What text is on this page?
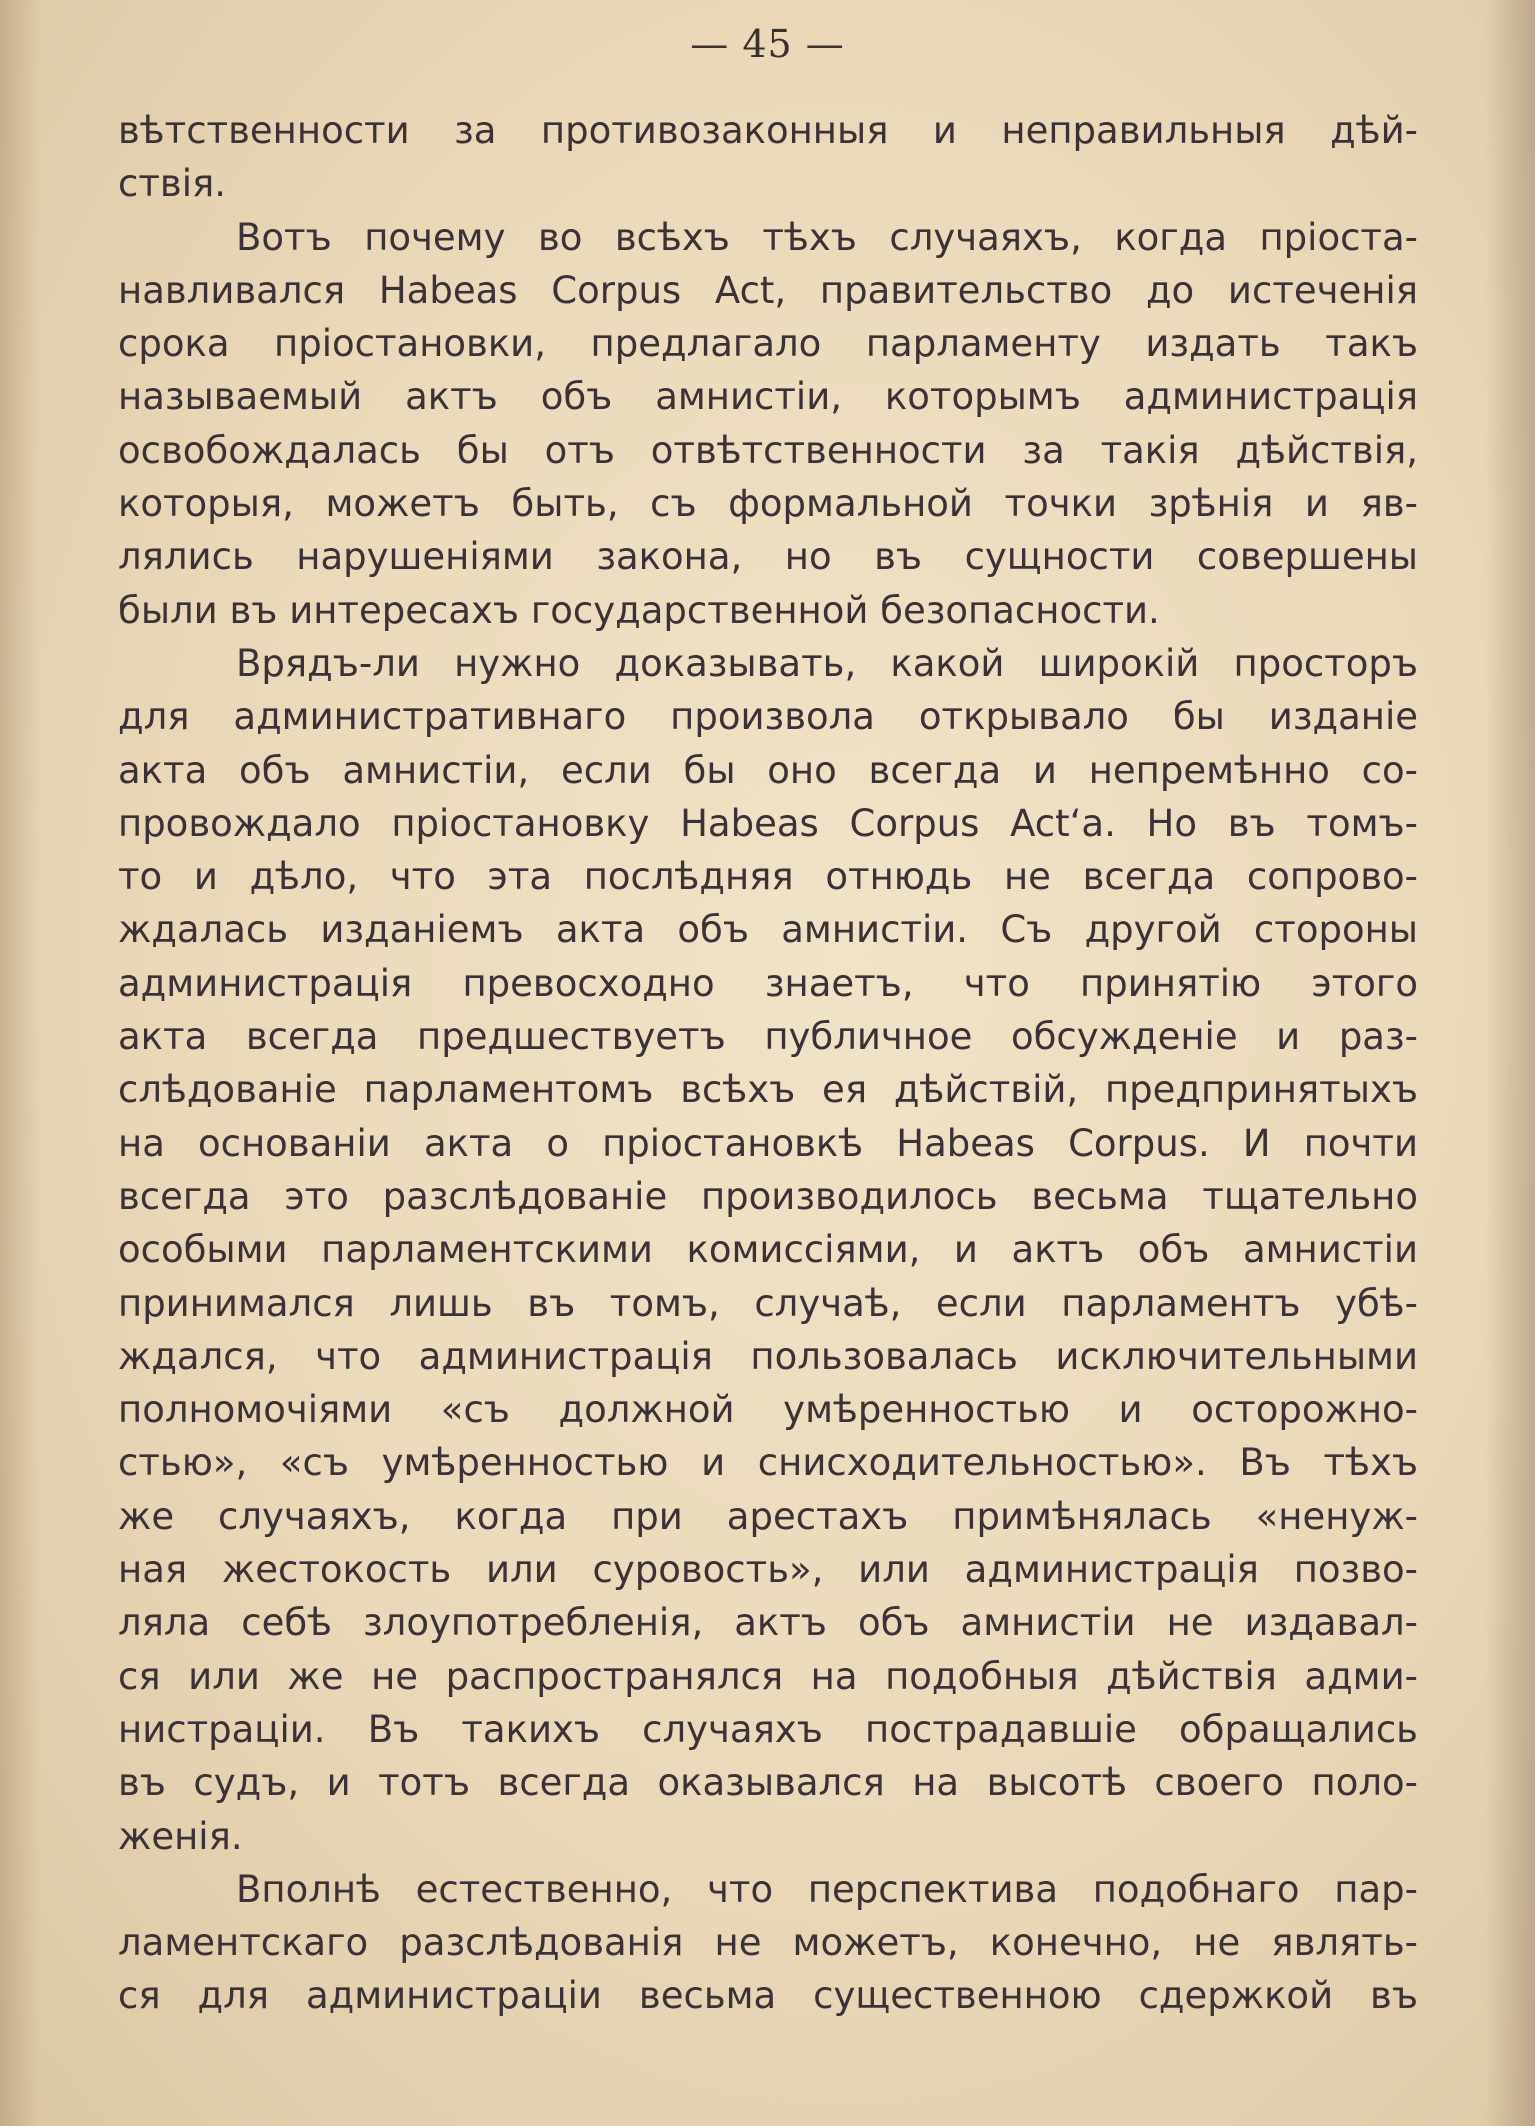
— 45 —
вѣтственности за противозаконныя и неправильныя дѣй-
ствія.
Вотъ почему во всѣхъ тѣхъ случаяхъ, когда пріоста-
навливался Habeas Corpus Act, правительство до истеченія
срока пріостановки, предлагало парламенту издать такъ
называемый актъ объ амнистіи, которымъ администрація
освобождалась бы отъ отвѣтственности за такія дѣйствія,
которыя, можетъ быть, съ формальной точки зрѣнія и яв-
лялись нарушеніями закона, но въ сущности совершены
были въ интересахъ государственной безопасности.
Врядъ-ли нужно доказывать, какой широкій просторъ
для административнаго произвола открывало бы изданіе
акта объ амнистіи, если бы оно всегда и непремѣнно со-
провождало пріостановку Habeas Corpus Act‘a. Но въ томъ-
то и дѣло, что эта послѣдняя отнюдь не всегда сопрово-
ждалась изданіемъ акта объ амнистіи. Съ другой стороны
администрація превосходно знаетъ, что принятію этого
акта всегда предшествуетъ публичное обсужденіе и раз-
слѣдованіе парламентомъ всѣхъ ея дѣйствій, предпринятыхъ
на основаніи акта о пріостановкѣ Habeas Corpus. И почти
всегда это разслѣдованіе производилось весьма тщательно
особыми парламентскими комиссіями, и актъ объ амнистіи
принимался лишь въ томъ, случаѣ, если парламентъ убѣ-
ждался, что администрація пользовалась исключительными
полномочіями «съ должной умѣренностью и осторожно-
стью», «съ умѣренностью и снисходительностью». Въ тѣхъ
же случаяхъ, когда при арестахъ примѣнялась «ненуж-
ная жестокость или суровость», или администрація позво-
ляла себѣ злоупотребленія, актъ объ амнистіи не издавал-
ся или же не распространялся на подобныя дѣйствія адми-
нистраціи. Въ такихъ случаяхъ пострадавшіе обращались
въ судъ, и тотъ всегда оказывался на высотѣ своего поло-
женія.
Вполнѣ естественно, что перспектива подобнаго пар-
ламентскаго разслѣдованія не можетъ, конечно, не являть-
ся для администраціи весьма существенною сдержкой въ
